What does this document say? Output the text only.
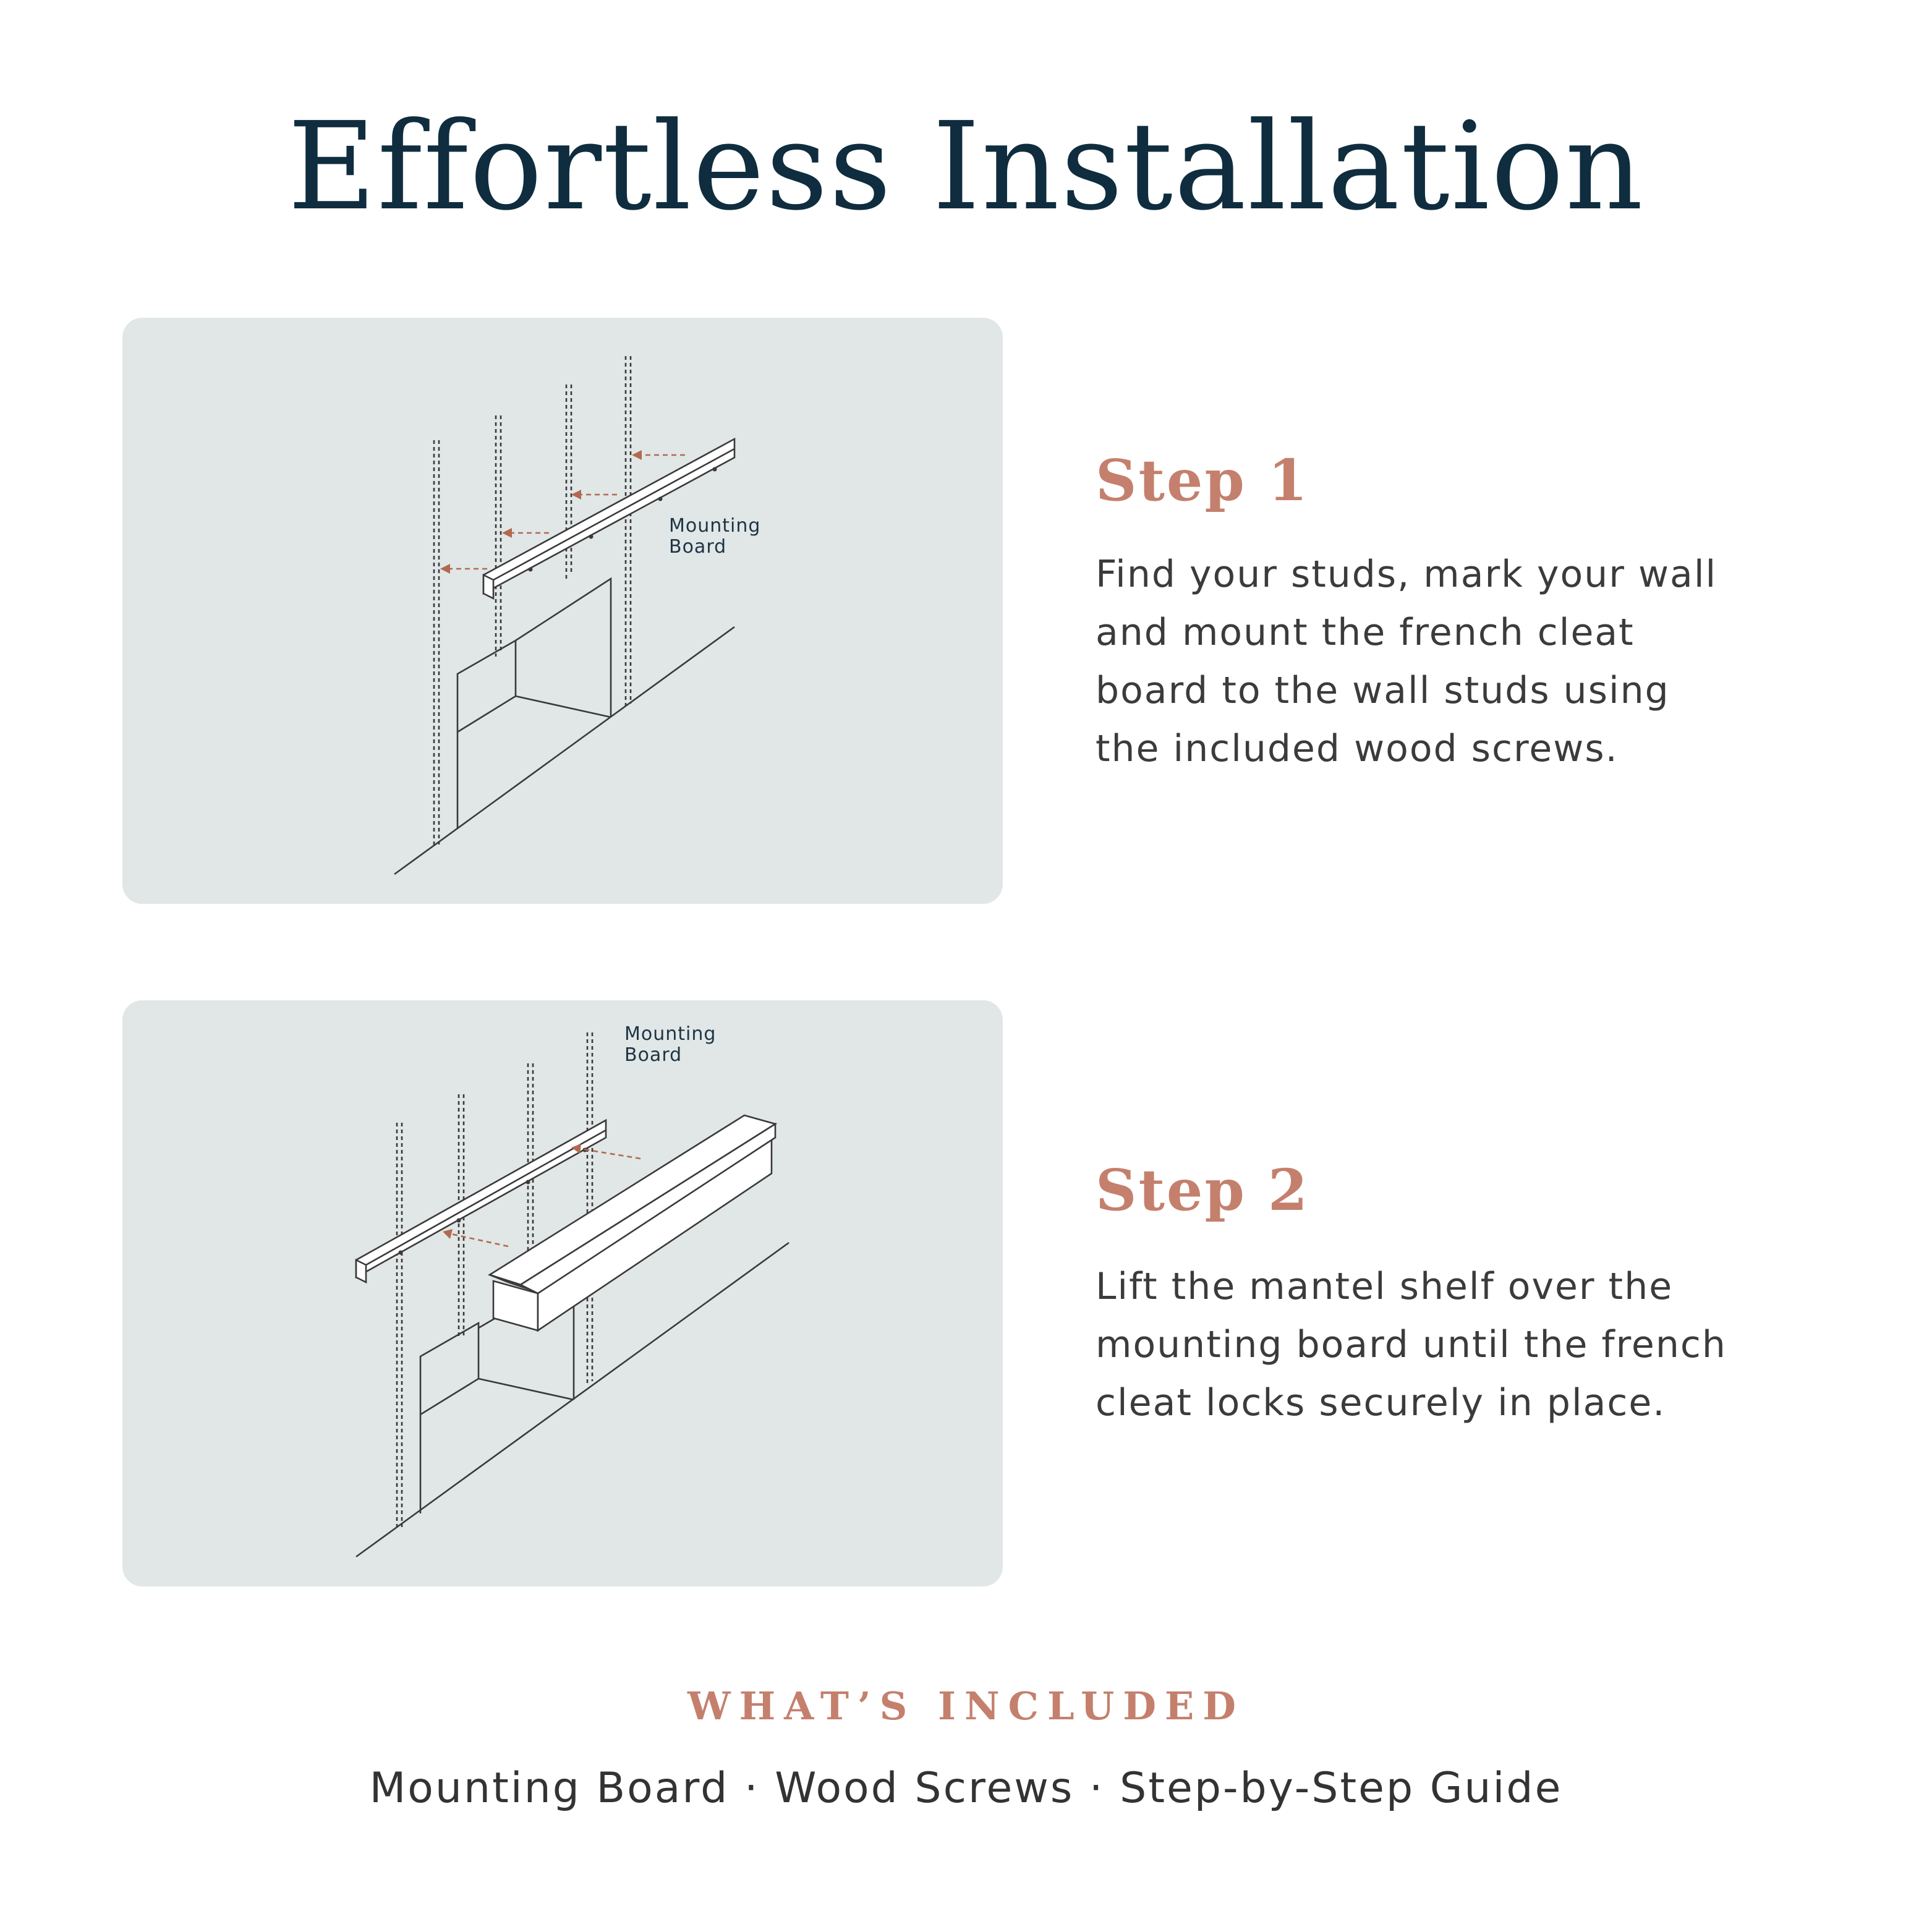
Effortless Installation
Mounting
Board
Step 1

Find your studs, mark your wall
and mount the french cleat
board to the wall studs using
the included wood screws.

Mounting
Board
Step 2

Lift the mantel shelf over the
mounting board until the french
cleat locks securely in place.

WHAT’S INCLUDED

Mounting Board · Wood Screws · Step-by-Step Guide
